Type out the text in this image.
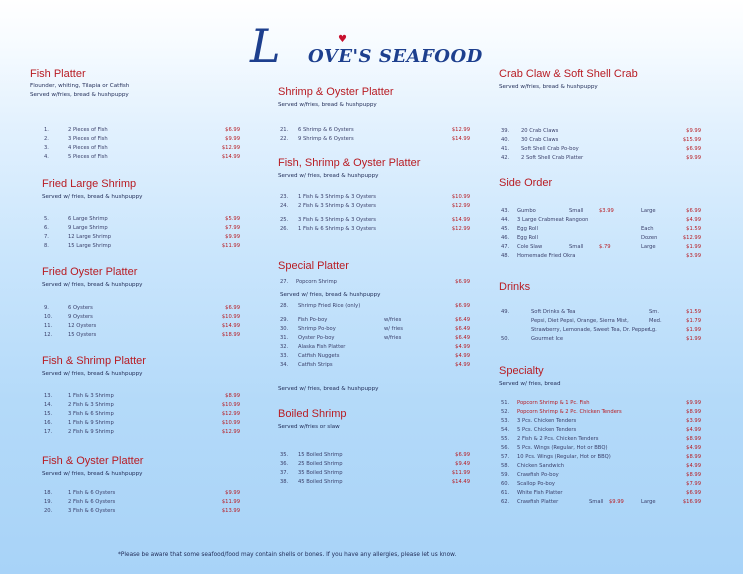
L	♥
OVE'S SEAFOOD
Fish Platter
Flounder, whiting, Tilapia or Catfish
Served w/fries, bread & hushpuppy
1.	2 Pieces of Fish	$6.99
2.	3 Pieces of Fish	$9.99
3.	4 Pieces of Fish	$12.99
4.	5 Pieces of Fish	$14.99
Fried Large Shrimp
Served w/ fries, bread & hushpuppy
5.	6 Large Shrimp	$5.99
6.	9 Large Shrimp	$7.99
7.	12 Large Shrimp	$9.99
8.	15 Large Shrimp	$11.99
Fried Oyster Platter
Served w/ fries, bread & hushpuppy
9.	6 Oysters	$6.99
10.	9 Oysters	$10.99
11.	12 Oysters	$14.99
12.	15 Oysters	$18.99
Fish & Shrimp Platter
Served w/ fries, bread & hushpuppy
13.	1 Fish & 3 Shrimp	$8.99
14.	2 Fish & 3 Shrimp	$10.99
15.	3 Fish & 6 Shrimp	$12.99
16.	1 Fish & 9 Shrimp	$10.99
17.	2 Fish & 9 Shrimp	$12.99
Fish & Oyster Platter
Served w/ fries, bread & hushpuppy
18.	1 Fish & 6 Oysters	$9.99
19.	2 Fish & 6 Oysters	$11.99
20.	3 Fish & 6 Oysters	$13.99
Shrimp & Oyster Platter
Served w/fries, bread & hushpuppy
21. 6 Shrimp & 6 Oysters	$12.99
22. 9 Shrimp & 6 Oysters	$14.99
Fish, Shrimp & Oyster Platter
Served w/ fries, bread & hushpuppy
23. 1 Fish & 3 Shrimp & 3 Oysters	$10.99
24. 2 Fish & 3 Shrimp & 3 Oysters	$12.99
25. 3 Fish & 3 Shrimp & 3 Oysters	$14.99
26. 1 Fish & 6 Shrimp & 3 Oysters	$12.99
Special Platter
27. Popcorn Shrimp	$6.99
Served w/ fries, bread & hushpuppy
28. Shrimp Fried Rice (only)	$6.99
29. Fish Po-boy	w/fries	$6.49
30. Shrimp Po-boy	w/ fries	$6.49
31. Oyster Po-boy	w/fries	$6.49
32. Alaska Fish Platter	$4.99
33. Catfish Nuggets	$4.99
34. Catfish Strips	$4.99
Served w/ fries, bread & hushpuppy
Boiled Shrimp
Served w/fries or slaw
35. 15 Boiled Shrimp	$6.99
36. 25 Boiled Shrimp	$9.49
37. 35 Boiled Shrimp	$11.99
38. 45 Boiled Shrimp	$14.49
Crab Claw & Soft Shell Crab
Served w/fries, bread & hushpuppy
39. 20 Crab Claws	$9.99
40. 30 Crab Claws	$15.99
41. Soft Shell Crab Po-boy	$6.99
42. 2 Soft Shell Crab Platter	$9.99
Side Order
43. Gumbo	Small	$3.99	Large	$6.99
44. 3 Large Crabmeat Rangoon	$4.99
45. Egg Roll	Each	$1.59
46. Egg Roll	Dozen	$12.99
47. Cole Slaw	Small	$.79	Large	$1.99
48. Homemade Fried Okra	$3.99
Drinks
49.	Soft Drinks & Tea	Sm.	$1.59
Pepsi, Diet Pepsi, Orange, Sierra Mist,	Med.	$1.79
Strawberry, Lemonade, Sweet Tea, Dr. Pepper Lg.	$1.99
50.	Gourmet Ice	$1.99
Specialty
Served w/ fries, bread
51. Popcorn Shrimp & 1 Pc. Fish	$9.99
52. Popcorn Shrimp & 2 Pc. Chicken Tenders	$8.99
53. 3 Pcs. Chicken Tenders	$3.99
54. 5 Pcs. Chicken Tenders	$4.99
55. 2 Fish & 2 Pcs. Chicken Tenders	$8.99
56. 5 Pcs. Wings (Regular, Hot or BBQ)	$4.99
57. 10 Pcs. Wings (Regular, Hot or BBQ)	$8.99
58. Chicken Sandwich	$4.99
59. Crawfish Po-boy	$8.99
60. Scallop Po-boy	$7.99
61. White Fish Platter	$6.99
62. Crawfish Platter	Small $9.99	Large	$16.99
*Please be aware that some seafood/food may contain shells or bones. If you have any allergies, please let us know.
